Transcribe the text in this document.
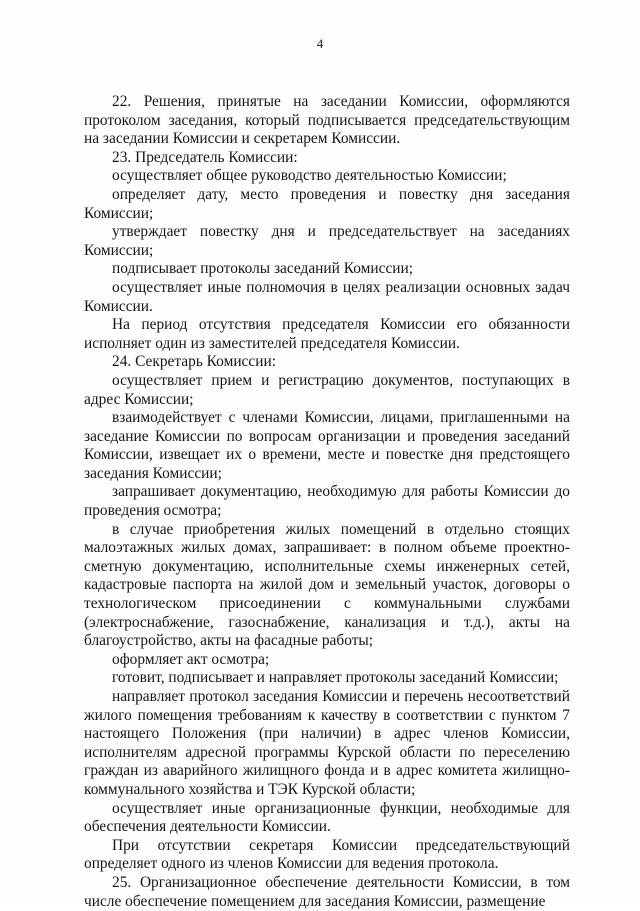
4

22. Решения, принятые на заседании Комиссии, оформляются протоколом заседания, который подписывается председательствующим на заседании Комиссии и секретарем Комиссии.

23. Председатель Комиссии:

осуществляет общее руководство деятельностью Комиссии;

определяет дату, место проведения и повестку дня заседания Комиссии;

утверждает повестку дня и председательствует на заседаниях Комиссии;

подписывает протоколы заседаний Комиссии;

осуществляет иные полномочия в целях реализации основных задач Комиссии.

На период отсутствия председателя Комиссии его обязанности исполняет один из заместителей председателя Комиссии.

24. Секретарь Комиссии:

осуществляет прием и регистрацию документов, поступающих в адрес Комиссии;

взаимодействует с членами Комиссии, лицами, приглашенными на заседание Комиссии по вопросам организации и проведения заседаний Комиссии, извещает их о времени, месте и повестке дня предстоящего заседания Комиссии;

запрашивает документацию, необходимую для работы Комиссии до проведения осмотра;

в случае приобретения жилых помещений в отдельно стоящих малоэтажных жилых домах, запрашивает: в полном объеме проектно-сметную документацию, исполнительные схемы инженерных сетей, кадастровые паспорта на жилой дом и земельный участок, договоры о технологическом присоединении с коммунальными службами (электроснабжение, газоснабжение, канализация и т.д.), акты на благоустройство, акты на фасадные работы;

оформляет акт осмотра;

готовит, подписывает и направляет протоколы заседаний Комиссии;

направляет протокол заседания Комиссии и перечень несоответствий жилого помещения требованиям к качеству в соответствии с пунктом 7 настоящего Положения (при наличии) в адрес членов Комиссии, исполнителям адресной программы Курской области по переселению граждан из аварийного жилищного фонда и в адрес комитета жилищно-коммунального хозяйства и ТЭК Курской области;

осуществляет иные организационные функции, необходимые для обеспечения деятельности Комиссии.

При отсутствии секретаря Комиссии председательствующий определяет одного из членов Комиссии для ведения протокола.

25. Организационное обеспечение деятельности Комиссии, в том числе обеспечение помещением для заседания Комиссии, размещение
